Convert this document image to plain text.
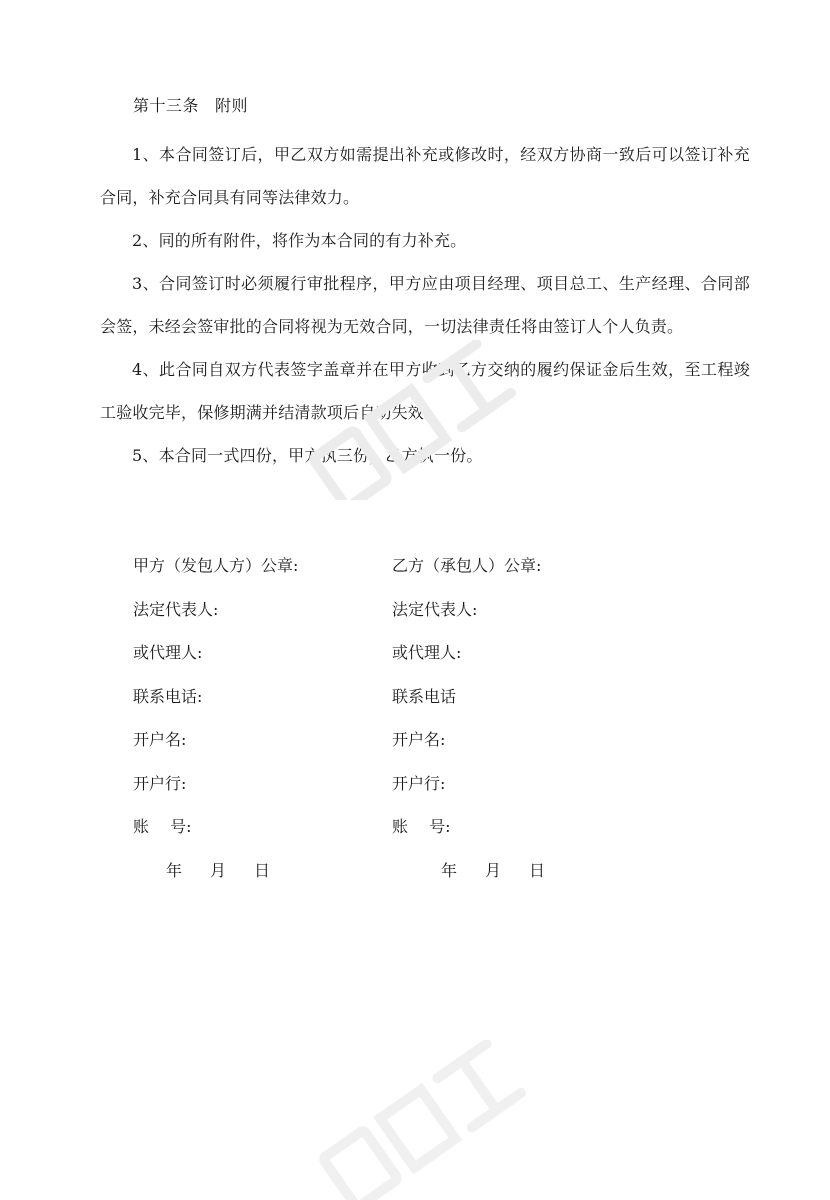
第十三条 附则

1、本合同签订后，甲乙双方如需提出补充或修改时，经双方协商一致后可以签订补充合同，补充合同具有同等法律效力。

2、同的所有附件，将作为本合同的有力补充。

3、合同签订时必须履行审批程序，甲方应由项目经理、项目总工、生产经理、合同部会签，未经会签审批的合同将视为无效合同，一切法律责任将由签订人个人负责。

4、此合同自双方代表签字盖章并在甲方收到乙方交纳的履约保证金后生效，至工程竣工验收完毕，保修期满并结清款项后自动失效。

5、本合同一式四份，甲方执三份，乙方执一份。

甲方（发包人方）公章:
法定代表人:
或代理人:
联系电话:
开户名:
开户行:
账　 号:
乙方（承包人）公章:
法定代表人:
或代理人:
联系电话
开户名:
开户行:
账　 号:
年 月 日	年 月 日
